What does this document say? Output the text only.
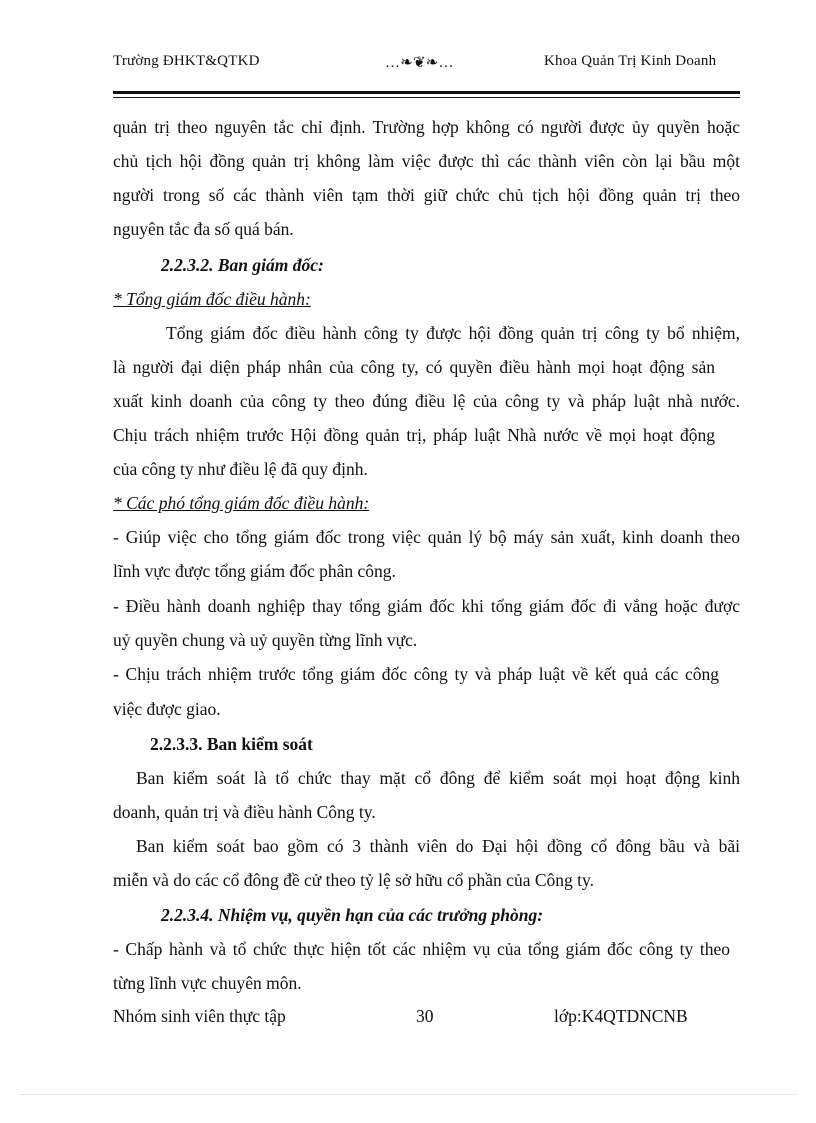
Trường ĐHKT&QTKD	…❧❦❧…	Khoa Quản Trị Kinh Doanh
quản trị theo nguyên tắc chỉ định. Trường hợp không có người được ủy quyền hoặc
chủ tịch hội đồng quản trị không làm việc được thì các thành viên còn lại bầu một
người trong số các thành viên tạm thời giữ chức chủ tịch hội đồng quản trị theo
nguyên tắc đa số quá bán.
2.2.3.2. Ban giám đốc:
* Tổng giám đốc điều hành:
Tổng giám đốc điều hành công ty được hội đồng quản trị công ty bổ nhiệm,
là người đại diện pháp nhân của công ty, có quyền điều hành mọi hoạt động sản
xuất kinh doanh của công ty theo đúng điều lệ của công ty và pháp luật nhà nước.
Chịu trách nhiệm trước Hội đồng quản trị, pháp luật Nhà nước về mọi hoạt động
của công ty như điều lệ đã quy định.
* Các phó tổng giám đốc điều hành:
- Giúp việc cho tổng giám đốc trong việc quản lý bộ máy sản xuất, kinh doanh theo
lĩnh vực được tổng giám đốc phân công.
- Điều hành doanh nghiệp thay tổng giám đốc khi tổng giám đốc đi vắng hoặc được
uỷ quyền chung và uỷ quyền từng lĩnh vực.
- Chịu trách nhiệm trước tổng giám đốc công ty và pháp luật về kết quả các công
việc được giao.
2.2.3.3. Ban kiểm soát
Ban kiểm soát là tổ chức thay mặt cổ đông để kiểm soát mọi hoạt động kinh
doanh, quản trị và điều hành Công ty.
Ban kiểm soát bao gồm có 3 thành viên do Đại hội đồng cổ đông bầu và bãi
miễn và do các cổ đông đề cử theo tỷ lệ sở hữu cổ phần của Công ty.
2.2.3.4. Nhiệm vụ, quyền hạn của các trưởng phòng:
- Chấp hành và tổ chức thực hiện tốt các nhiệm vụ của tổng giám đốc công ty theo
từng lĩnh vực chuyên môn.
Nhóm sinh viên thực tập	30	lớp:K4QTDNCNB
